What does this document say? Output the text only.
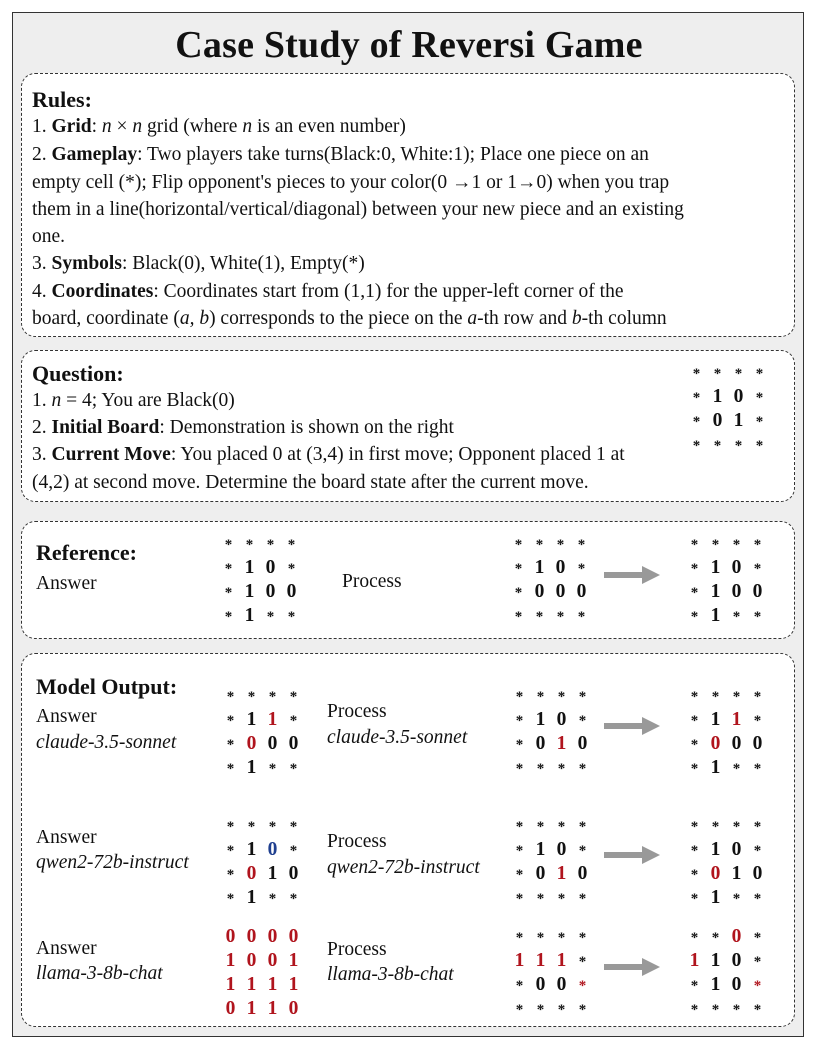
Case Study of Reversi Game
Rules:
1. Grid: n × n grid (where n is an even number)
2. Gameplay: Two players take turns(Black:0, White:1); Place one piece on an
empty cell (*); Flip opponent's pieces to your color(0 →1 or 1→0) when you trap
them in a line(horizontal/vertical/diagonal) between your new piece and an existing
one.
3. Symbols: Black(0), White(1), Empty(*)
4. Coordinates: Coordinates start from (1,1) for the upper-left corner of the
board, coordinate (a, b) corresponds to the piece on the a-th row and b-th column
Question:
1. n = 4; You are Black(0)
2. Initial Board: Demonstration is shown on the right
3. Current Move: You placed 0 at (3,4) in first move; Opponent placed 1 at
(4,2) at second move. Determine the board state after the current move.
* * * *
* 1 0 *
* 0 1 *
* * * *
Reference:
Answer
* * * *
* 1 0 *
* 1 0 0
* 1 * *
Process
* * * *
* 1 0 *
* 0 0 0
* * * *
* * * *
* 1 0 *
* 1 0 0
* 1 * *
Model Output:
Answer
claude-3.5-sonnet
* * * *
* 1 1 *
* 0 0 0
* 1 * *
Process
claude-3.5-sonnet
* * * *
* 1 0 *
* 0 1 0
* * * *
* * * *
* 1 1 *
* 0 0 0
* 1 * *
Answer
qwen2-72b-instruct
* * * *
* 1 0 *
* 0 1 0
* 1 * *
Process
qwen2-72b-instruct
* * * *
* 1 0 *
* 0 1 0
* * * *
* * * *
* 1 0 *
* 0 1 0
* 1 * *
Answer
llama-3-8b-chat
0 0 0 0
1 0 0 1
1 1 1 1
0 1 1 0
Process
llama-3-8b-chat
* * * *
1 1 1 *
* 0 0 *
* * * *
* * 0 *
1 1 0 *
* 1 0 *
* * * *
